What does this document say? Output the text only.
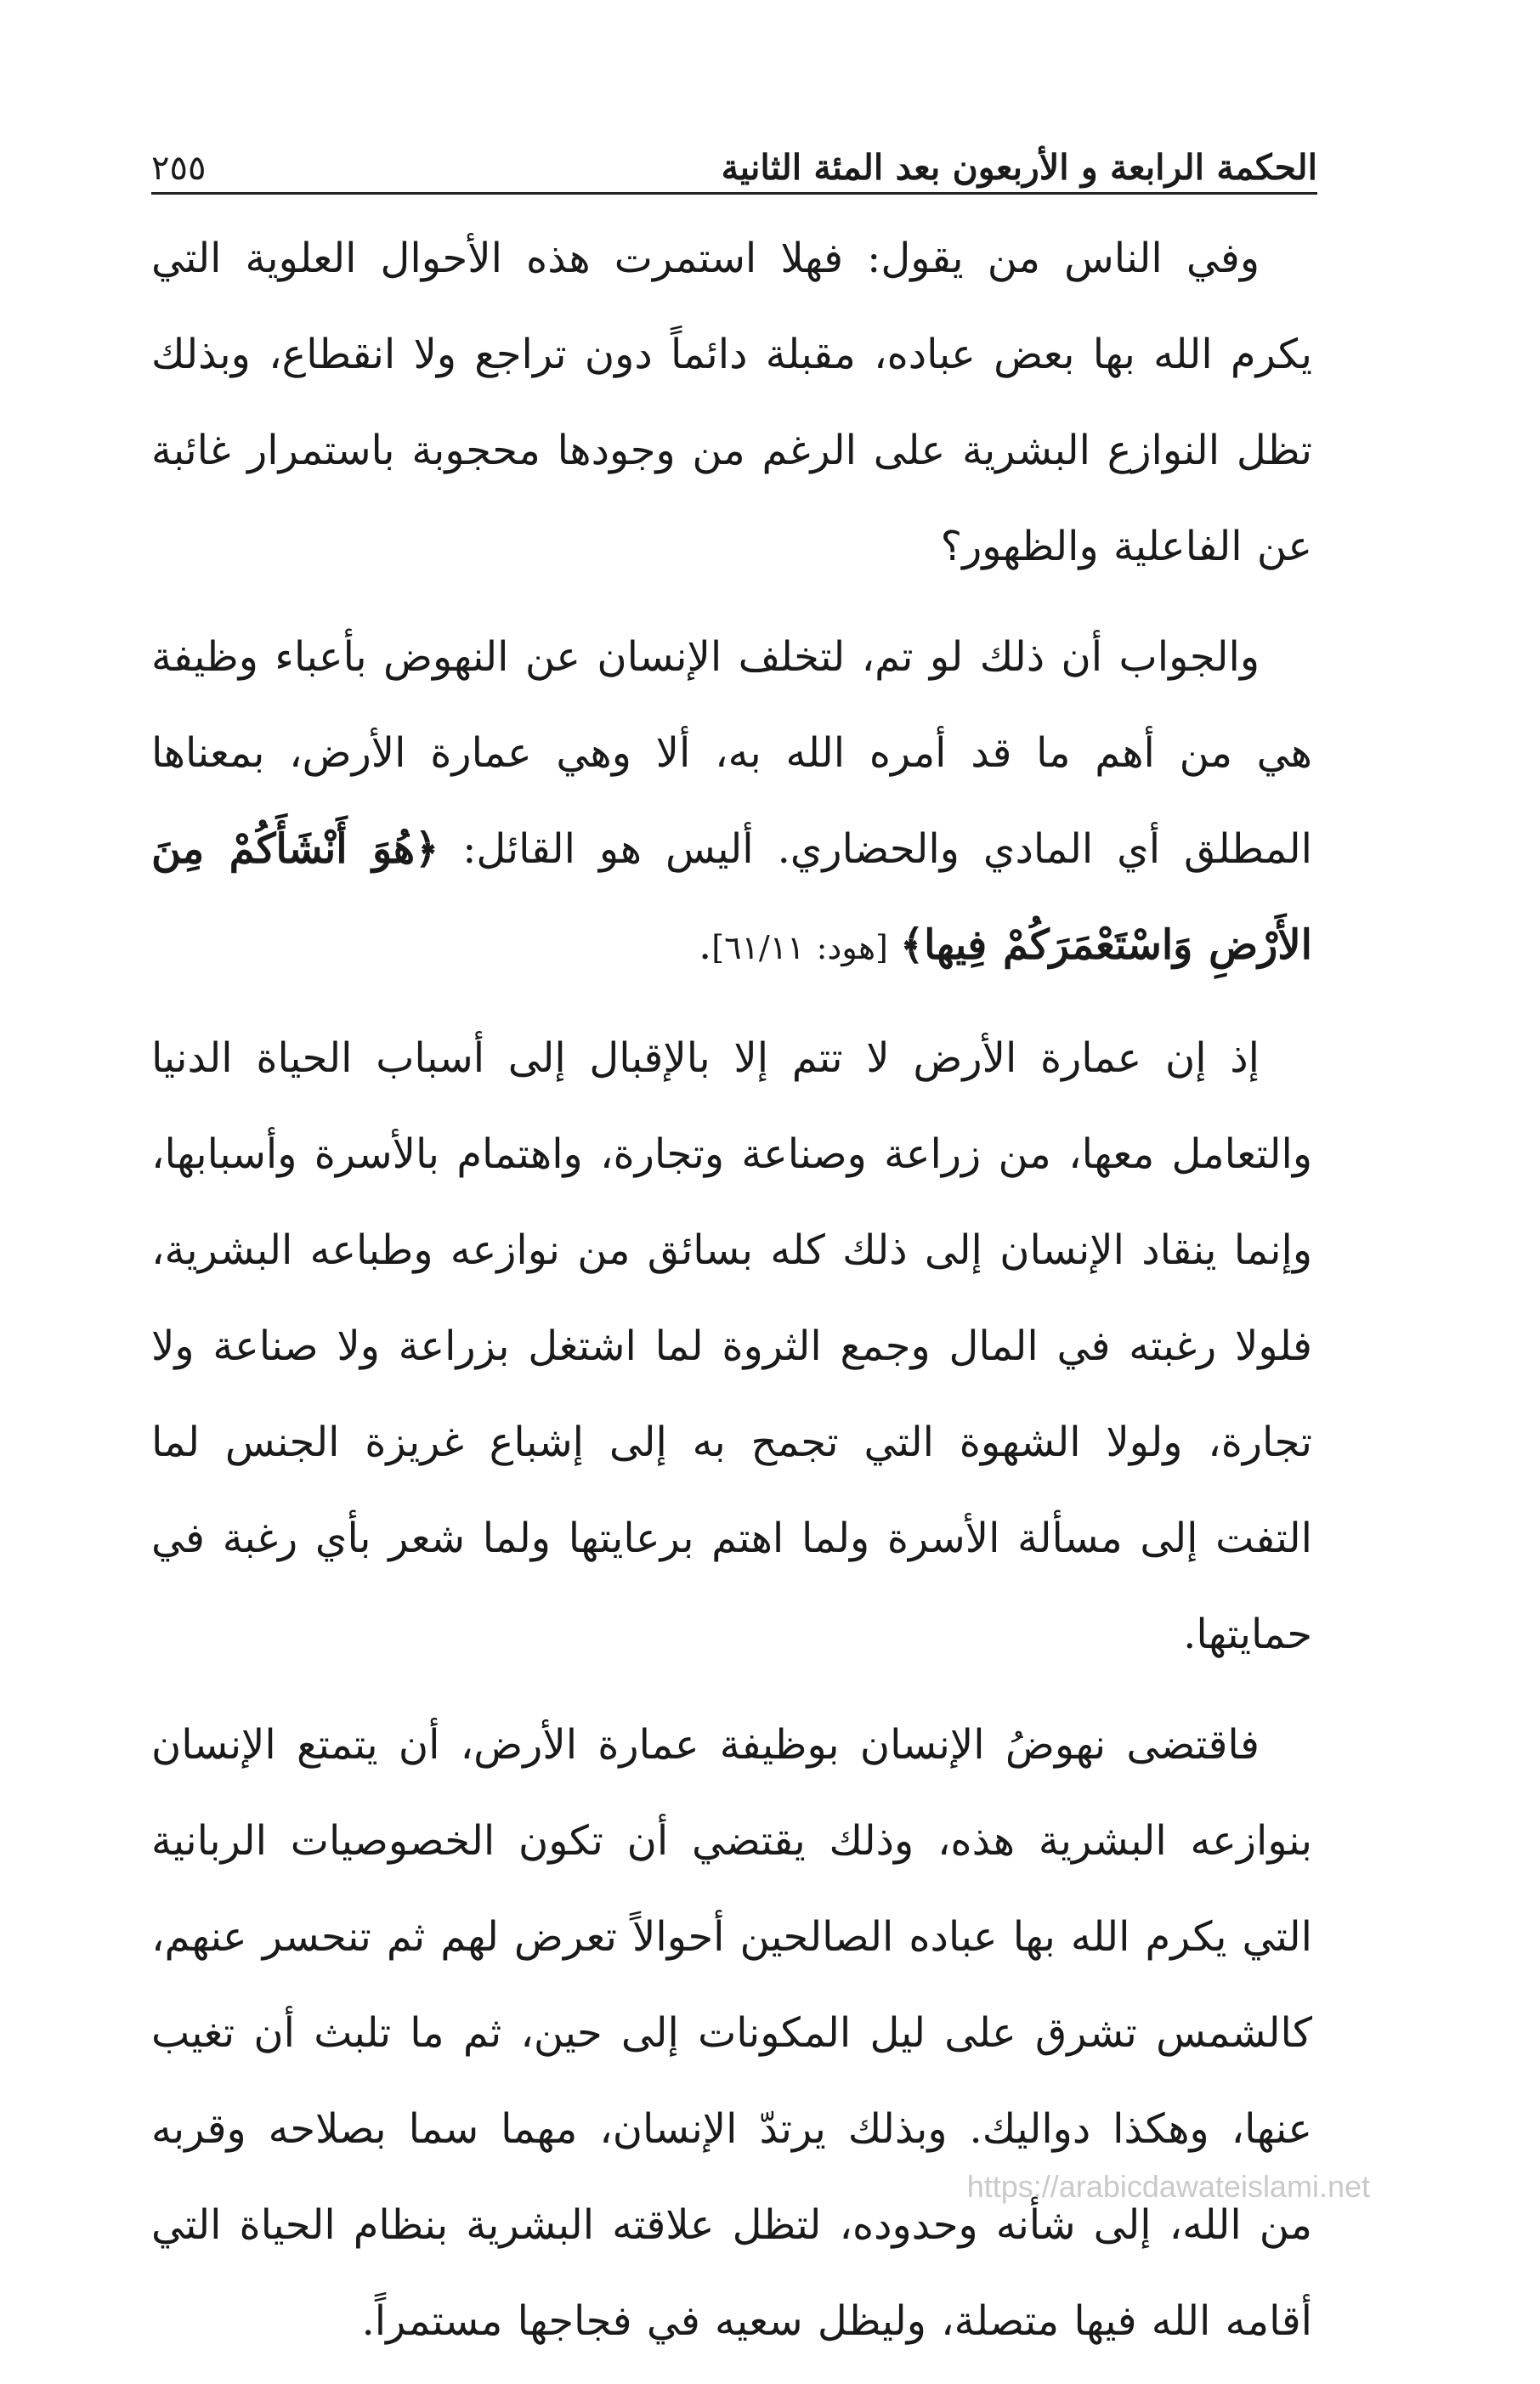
الحكمة الرابعة و الأربعون بعد المئة الثانية
٢٥٥

وفي الناس من يقول: فهلا استمرت هذه الأحوال العلوية التي يكرم الله بها بعض عباده، مقبلة دائماً دون تراجع ولا انقطاع، وبذلك تظل النوازع البشرية على الرغم من وجودها محجوبة باستمرار غائبة عن الفاعلية والظهور؟

والجواب أن ذلك لو تم، لتخلف الإنسان عن النهوض بأعباء وظيفة هي من أهم ما قد أمره الله به، ألا وهي عمارة الأرض، بمعناها المطلق أي المادي والحضاري. أليس هو القائل: ﴿هُوَ أَنْشَأَكُمْ مِنَ الأَرْضِ وَاسْتَعْمَرَكُمْ فِيها﴾ [هود: ٦١/١١].

إذ إن عمارة الأرض لا تتم إلا بالإقبال إلى أسباب الحياة الدنيا والتعامل معها، من زراعة وصناعة وتجارة، واهتمام بالأسرة وأسبابها، وإنما ينقاد الإنسان إلى ذلك كله بسائق من نوازعه وطباعه البشرية، فلولا رغبته في المال وجمع الثروة لما اشتغل بزراعة ولا صناعة ولا تجارة، ولولا الشهوة التي تجمح به إلى إشباع غريزة الجنس لما التفت إلى مسألة الأسرة ولما اهتم برعايتها ولما شعر بأي رغبة في حمايتها.

فاقتضى نهوضُ الإنسان بوظيفة عمارة الأرض، أن يتمتع الإنسان بنوازعه البشرية هذه، وذلك يقتضي أن تكون الخصوصيات الربانية التي يكرم الله بها عباده الصالحين أحوالاً تعرض لهم ثم تنحسر عنهم، كالشمس تشرق على ليل المكونات إلى حين، ثم ما تلبث أن تغيب عنها، وهكذا دواليك. وبذلك يرتدّ الإنسان، مهما سما بصلاحه وقربه من الله، إلى شأنه وحدوده، لتظل علاقته البشرية بنظام الحياة التي أقامه الله فيها متصلة، وليظل سعيه في فجاجها مستمراً.

https://arabicdawateislami.net
